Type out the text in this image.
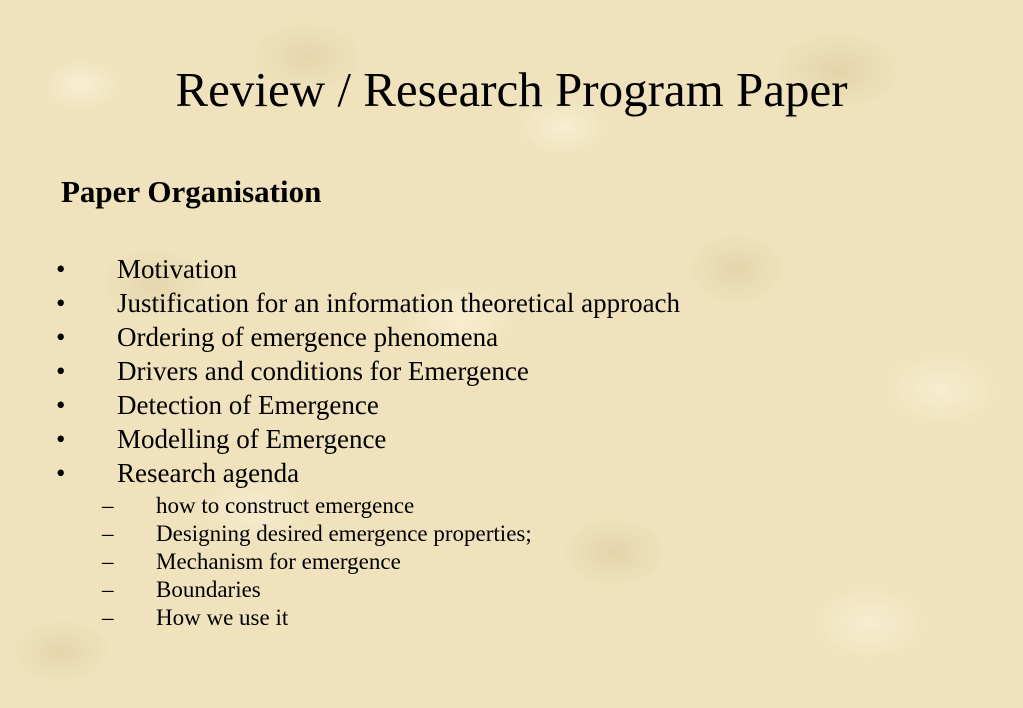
Review / Research Program Paper
Paper Organisation
• Motivation
• Justification for an information theoretical approach
• Ordering of emergence phenomena
• Drivers and conditions for Emergence
• Detection of Emergence
• Modelling of Emergence
• Research agenda
– how to construct emergence
– Designing desired emergence properties;
– Mechanism for emergence
– Boundaries
– How we use it
